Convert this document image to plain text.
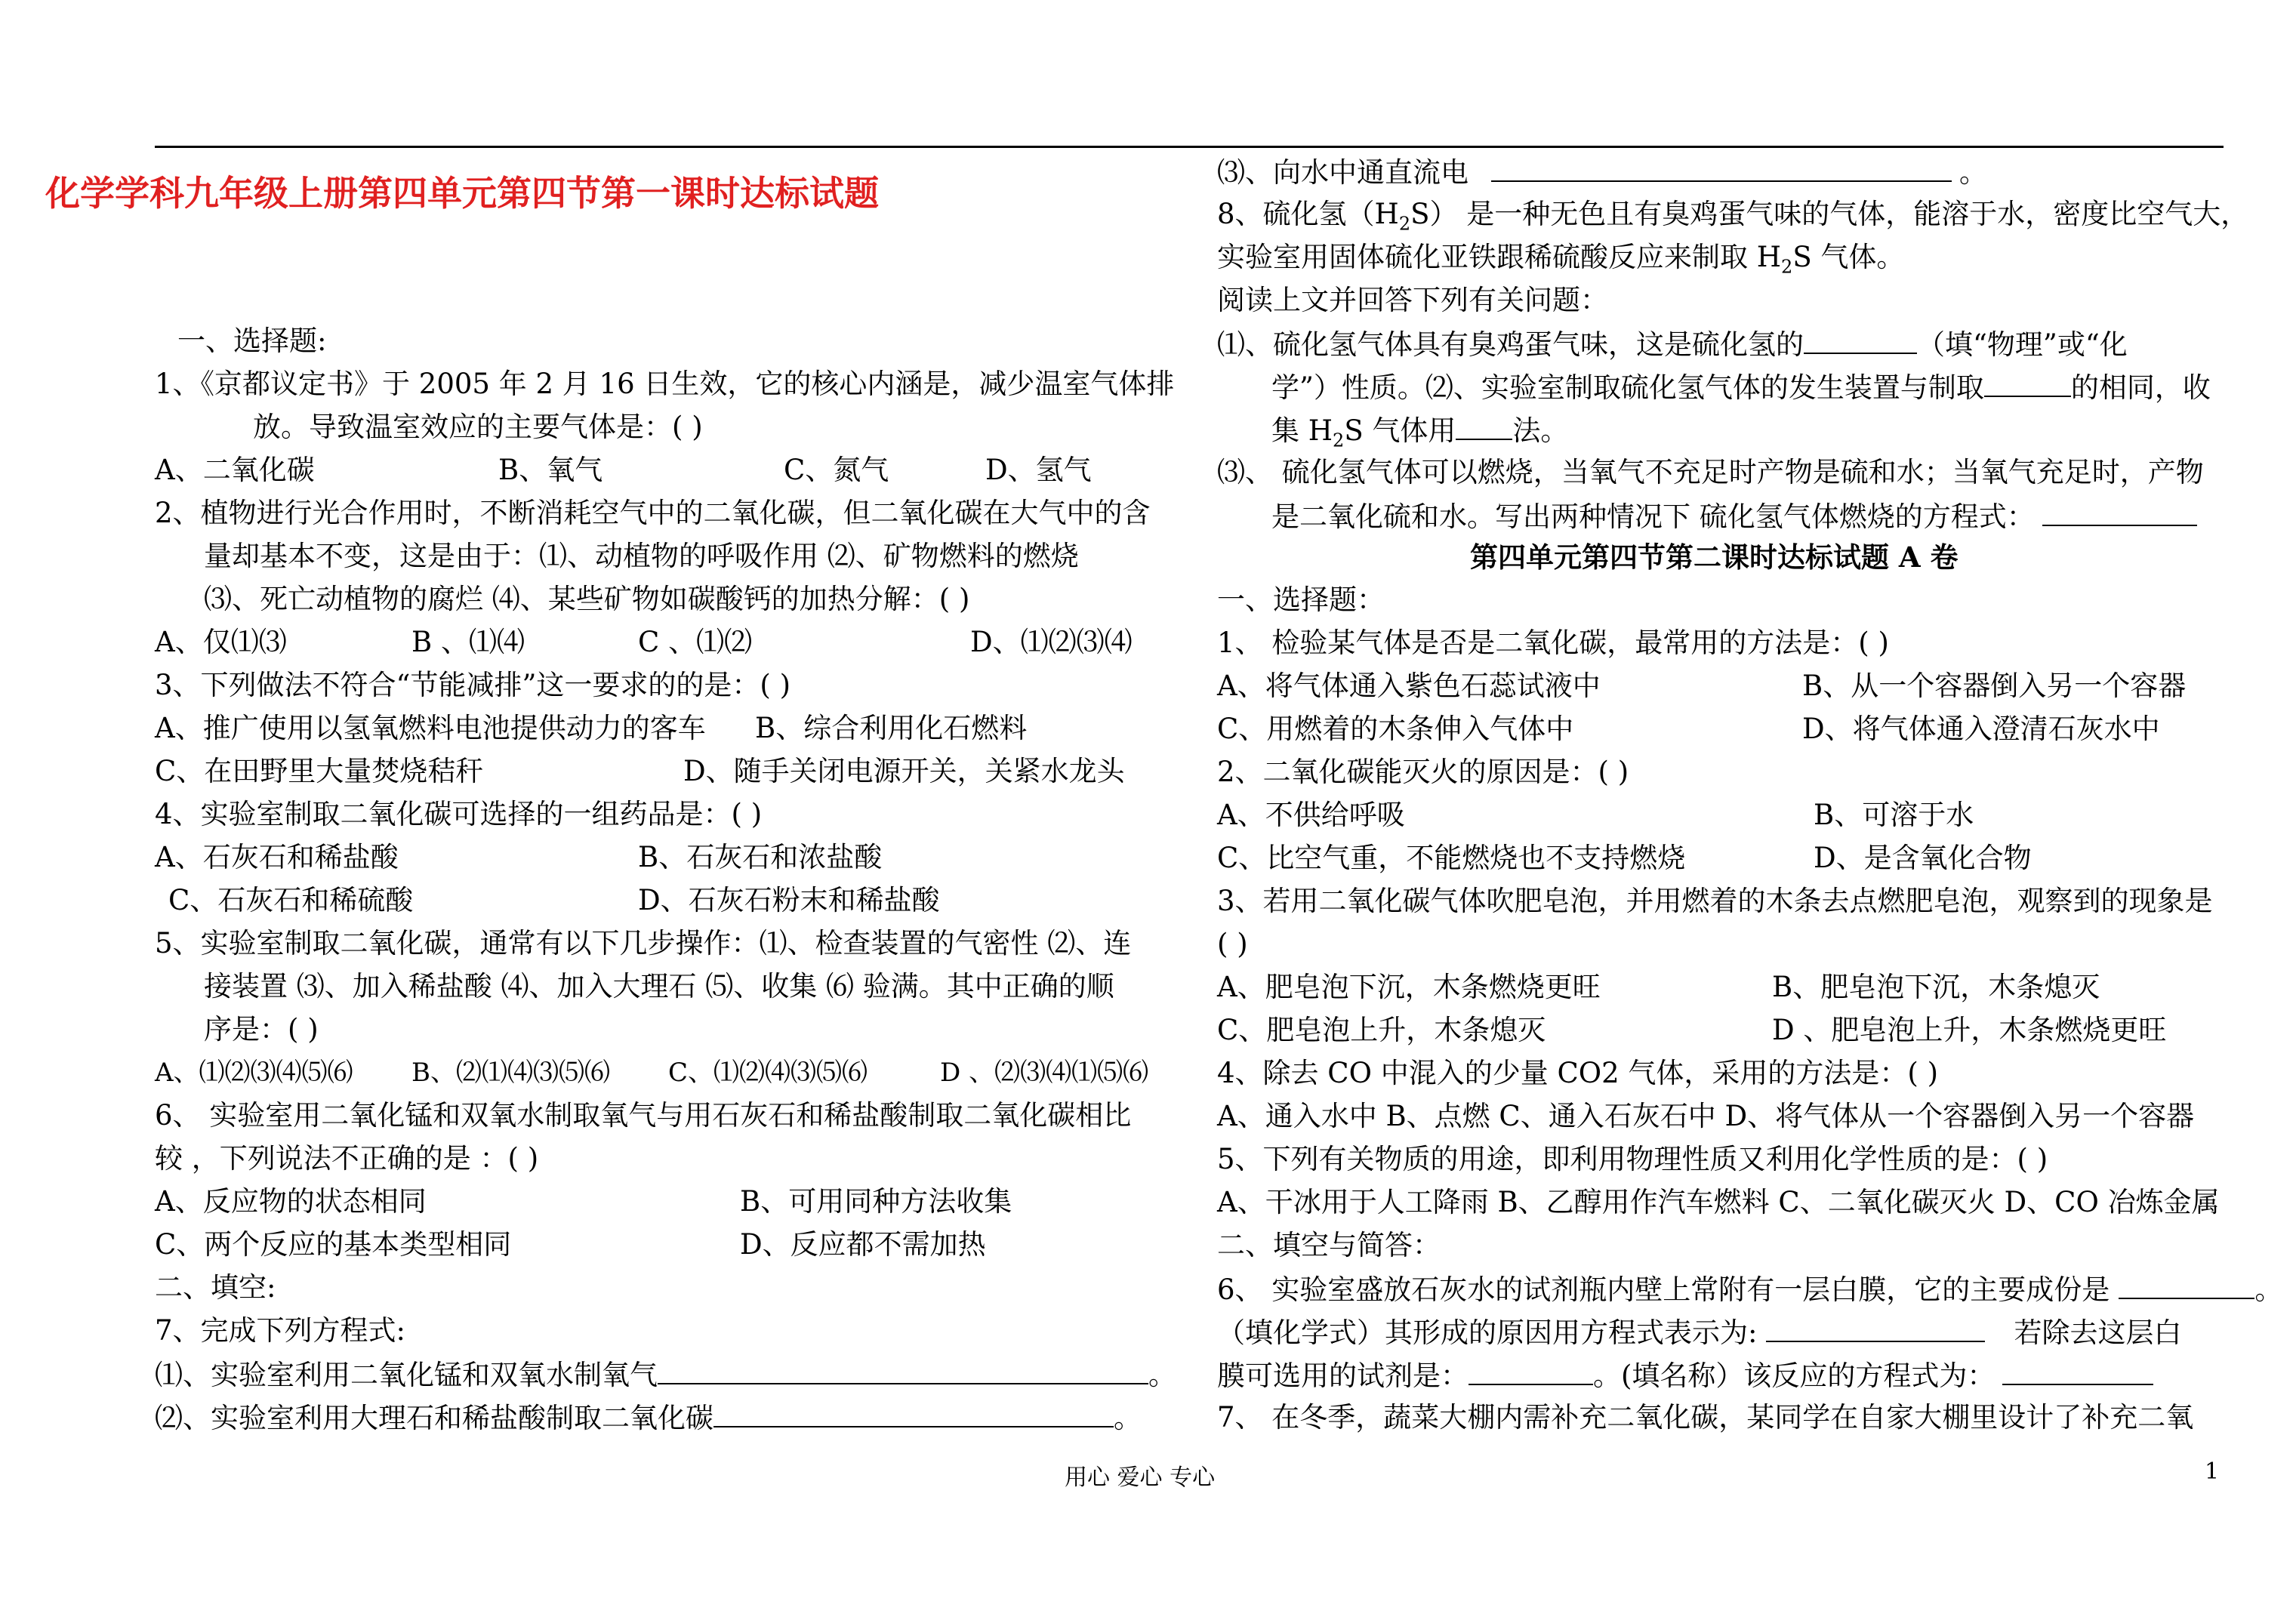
化学学科九年级上册第四单元第四节第一课时达标试题
一、选择题:
1、《京都议定书》于 2005 年 2 月 16 日生效，它的核心内涵是，减少温室气体排
放。导致温室效应的主要气体是：( )
A、二氧化碳	B、氧气	C、氮气	D、氢气
2、植物进行光合作用时，不断消耗空气中的二氧化碳，但二氧化碳在大气中的含
量却基本不变，这是由于：⑴、动植物的呼吸作用 ⑵、矿物燃料的燃烧
⑶、死亡动植物的腐烂 ⑷、某些矿物如碳酸钙的加热分解：( )
A、仅⑴⑶	B 、⑴⑷	C 、⑴⑵	D、⑴⑵⑶⑷
3、下列做法不符合“节能减排”这一要求的的是：( )
A、推广使用以氢氧燃料电池提供动力的客车 B、综合利用化石燃料
C、在田野里大量焚烧秸秆	D、随手关闭电源开关，关紧水龙头
4、实验室制取二氧化碳可选择的一组药品是：( )
A、石灰石和稀盐酸	B、石灰石和浓盐酸
C、石灰石和稀硫酸	D、石灰石粉末和稀盐酸
5、实验室制取二氧化碳，通常有以下几步操作：⑴、检查装置的气密性 ⑵、连
接装置 ⑶、加入稀盐酸 ⑷、加入大理石 ⑸、收集 ⑹ 验满。其中正确的顺
序是：( )
A、⑴⑵⑶⑷⑸⑹ B、⑵⑴⑷⑶⑸⑹ C、⑴⑵⑷⑶⑸⑹	D 、⑵⑶⑷⑴⑸⑹
6、 实验室用二氧化锰和双氧水制取氧气与用石灰石和稀盐酸制取二氧化碳相比
较 ，下列说法不正确的是 ：( )
A、反应物的状态相同	B、可用同种方法收集
C、两个反应的基本类型相同	D、反应都不需加热
二、填空:
7、完成下列方程式:
⑴、实验室利用二氧化锰和双氧水制氧气	。
⑵、实验室利用大理石和稀盐酸制取二氧化碳	。
⑶、向水中通直流电	。
8、硫化氢$(H_2S)$ 是一种无色且有臭鸡蛋气味的气体，能溶于水，密度比空气大，
实验室用固体硫化亚铁跟稀硫酸反应来制取 $H_2S$ 气体。
阅读上文并回答下列有关问题：
⑴、硫化氢气体具有臭鸡蛋气味，这是硫化氢的	（填“物理”或“化
学”）性质。⑵、实验室制取硫化氢气体的发生装置与制取	的相同，收
集 $H_2S$ 气体用 法。
⑶、 硫化氢气体可以燃烧，当氧气不充足时产物是硫和水；当氧气充足时，产物
是二氧化硫和水。写出两种情况下 硫化氢气体燃烧的方程式：
第四单元第四节第二课时达标试题 A 卷
一、选择题：
1、 检验某气体是否是二氧化碳，最常用的方法是：( )
A、将气体通入紫色石蕊试液中	B、从一个容器倒入另一个容器
C、用燃着的木条伸入气体中	D、将气体通入澄清石灰水中
2、二氧化碳能灭火的原因是：( )
A、不供给呼吸	B、可溶于水
C、比空气重，不能燃烧也不支持燃烧	D、是含氧化合物
3、若用二氧化碳气体吹肥皂泡，并用燃着的木条去点燃肥皂泡，观察到的现象是
( )
A、肥皂泡下沉，木条燃烧更旺	B、肥皂泡下沉，木条熄灭
C、肥皂泡上升，木条熄灭	D 、肥皂泡上升，木条燃烧更旺
4、除去 CO 中混入的少量 CO2 气体，采用的方法是：( )
A、通入水中 B、点燃 C、通入石灰石中 D、将气体从一个容器倒入另一个容器
5、下列有关物质的用途，即利用物理性质又利用化学性质的是：( )
A、干冰用于人工降雨 B、乙醇用作汽车燃料 C、二氧化碳灭火 D、CO 冶炼金属
二、填空与简答：
6、 实验室盛放石灰水的试剂瓶内壁上常附有一层白膜，它的主要成份是	。
（填化学式）其形成的原因用方程式表示为:	若除去这层白
膜可选用的试剂是：	。(填名称）该反应的方程式为：
7、 在冬季，蔬菜大棚内需补充二氧化碳，某同学在自家大棚里设计了补充二氧
用心 爱心 专心	1
